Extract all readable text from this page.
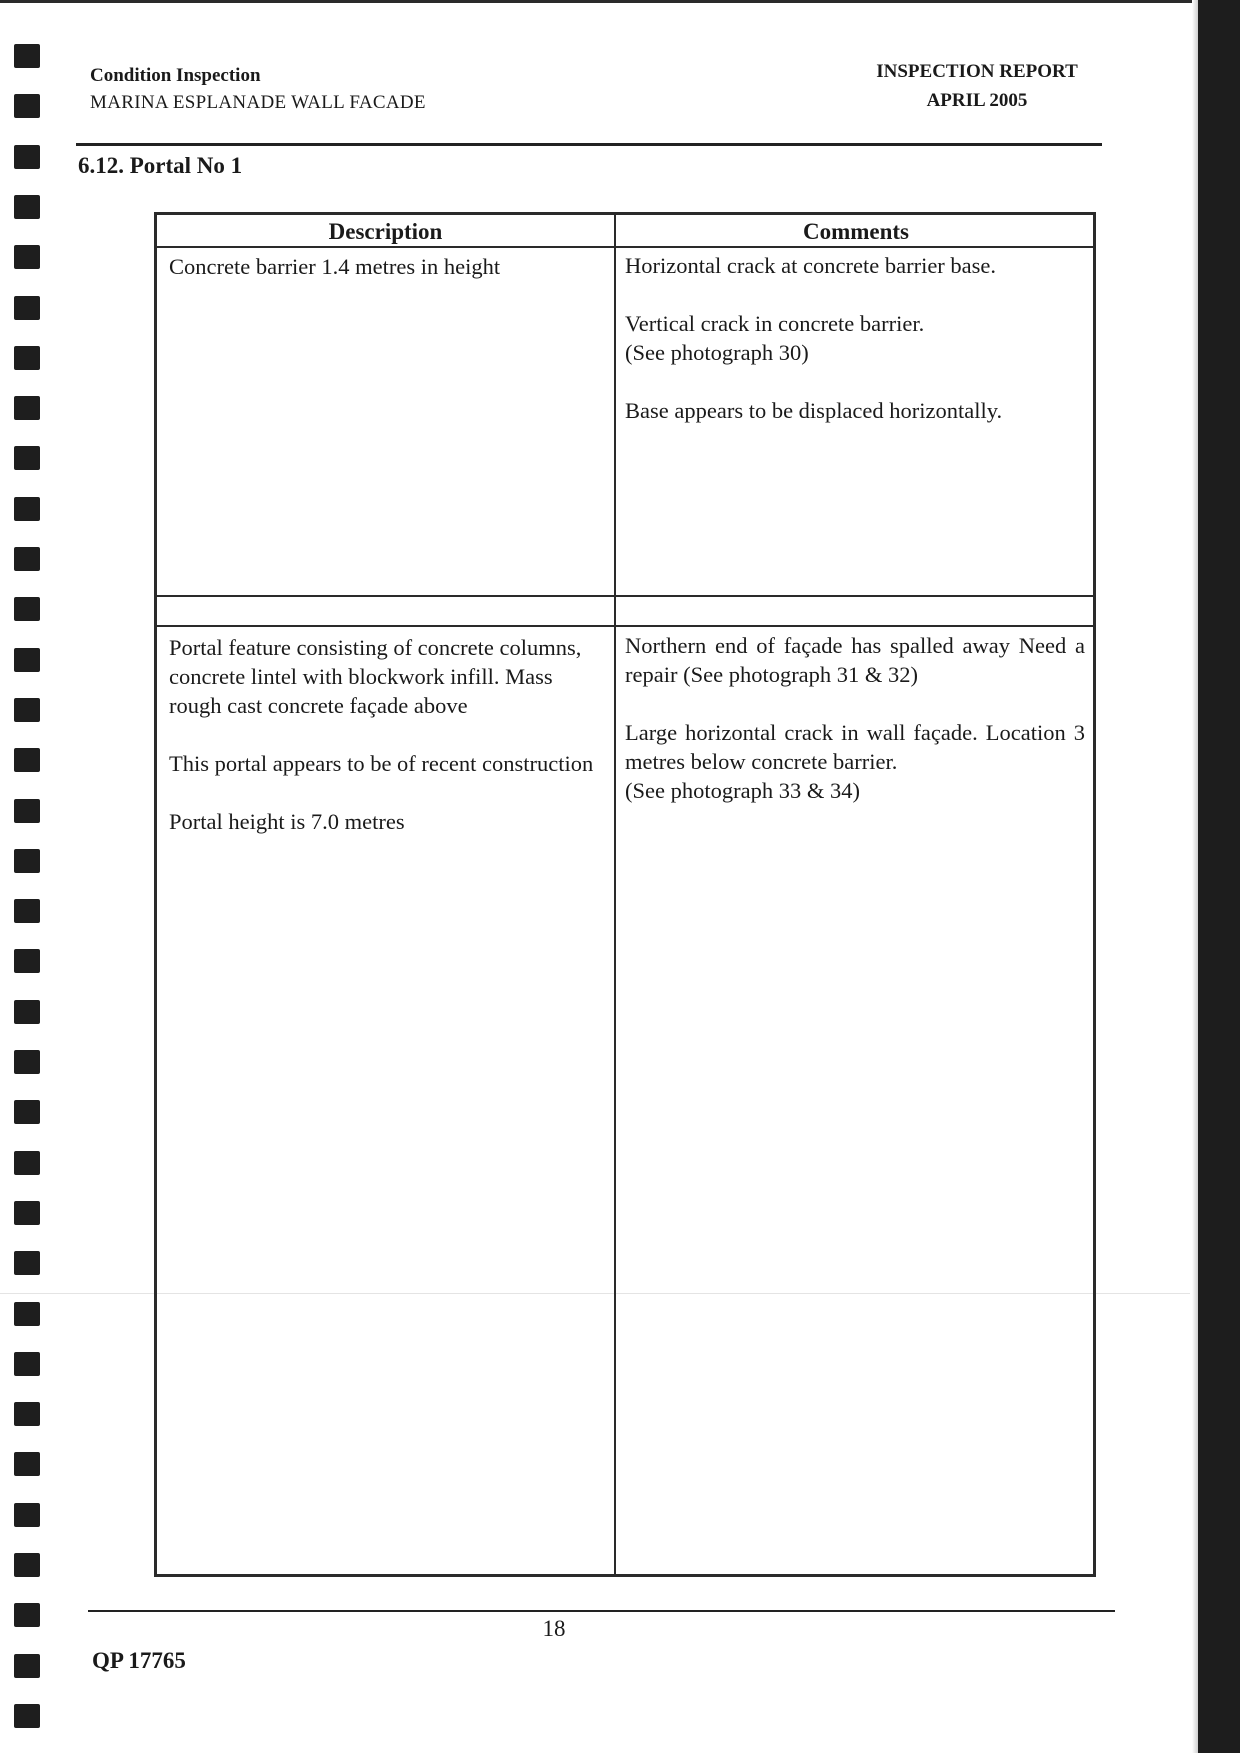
Condition Inspection
MARINA ESPLANADE WALL FACADE
INSPECTION REPORT
APRIL 2005
6.12. Portal No 1
Description	Comments
Concrete barrier 1.4 metres in height	Horizontal crack at concrete barrier base.
Vertical crack in concrete barrier.
(See photograph 30)
Base appears to be displaced horizontally.
Portal feature consisting of concrete columns, concrete lintel with blockwork infill. Mass rough cast concrete façade above
This portal appears to be of recent construction
Portal height is 7.0 metres
Northern end of façade has spalled away Need a repair (See photograph 31 & 32)
Large horizontal crack in wall façade. Location 3 metres below concrete barrier.
(See photograph 33 & 34)
18
QP 17765
